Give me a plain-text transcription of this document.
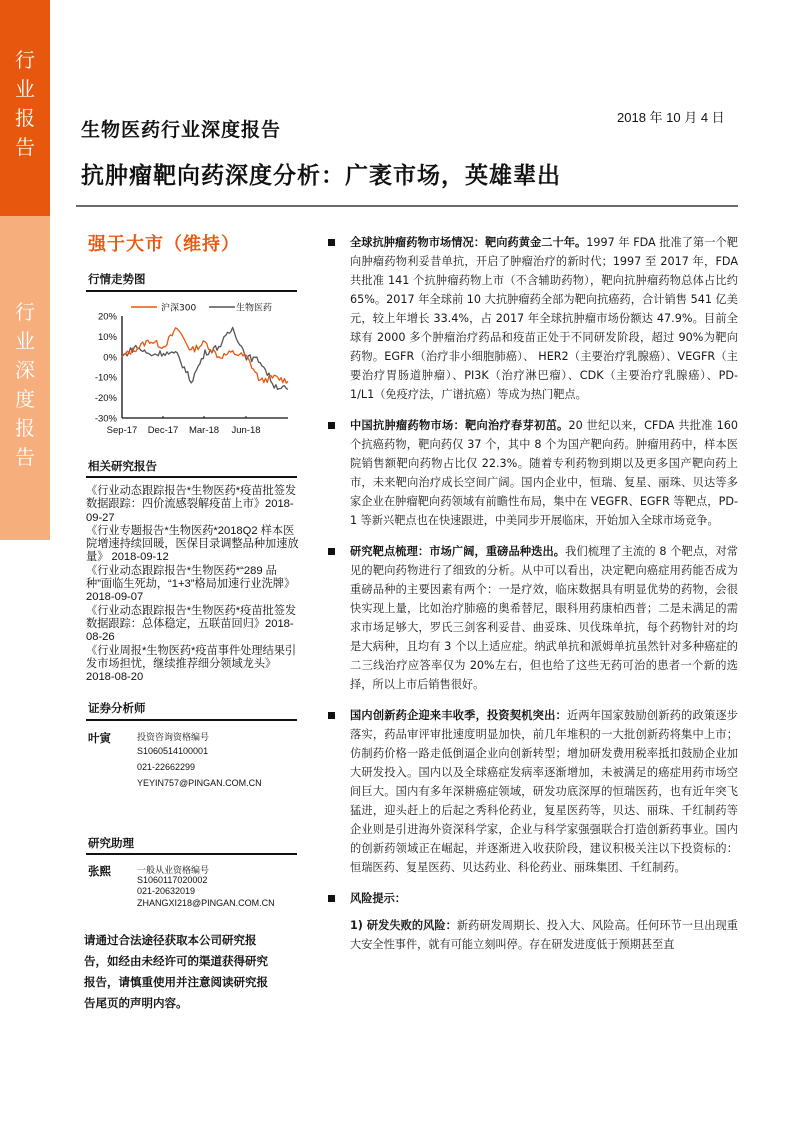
行
业
报
告
行
业
深
度
报
告
生物医药行业深度报告
2018 年 10 月 4 日
抗肿瘤靶向药深度分析：广袤市场，英雄辈出
强于大市（维持）
行情走势图
沪深300	生物医药
20%
10%
0%
-10%
-20%
-30%
Sep-17 Dec-17 Mar-18 Jun-18
相关研究报告
《行业动态跟踪报告*生物医药*疫苗批签发数据跟踪：四价流感裂解疫苗上市》2018-09-27
《行业专题报告*生物医药*2018Q2 样本医院增速持续回暖，医保目录调整品种加速放量》 2018-09-12
《行业动态跟踪报告*生物医药*“289 品种”面临生死劫，“1+3”格局加速行业洗牌》 2018-09-07
《行业动态跟踪报告*生物医药*疫苗批签发数据跟踪：总体稳定，五联苗回归》2018-08-26
《行业周报*生物医药*疫苗事件处理结果引发市场担忧，继续推荐细分领域龙头》 2018-08-20
证券分析师
叶寅	投资咨询资格编号
S1060514100001
021-22662299
YEYIN757@PINGAN.COM.CN
研究助理
张熙	一般从业资格编号
S1060117020002
021-20632019
ZHANGXI218@PINGAN.COM.CN
请通过合法途径获取本公司研究报告，如经由未经许可的渠道获得研究报告，请慎重使用并注意阅读研究报告尾页的声明内容。
全球抗肿瘤药物市场情况：靶向药黄金二十年。1997 年 FDA 批准了第一个靶向肿瘤药物利妥昔单抗，开启了肿瘤治疗的新时代；1997 至 2017 年，FDA 共批准 141 个抗肿瘤药物上市（不含辅助药物），靶向抗肿瘤药物总体占比约 65%。2017 年全球前 10 大抗肿瘤药全部为靶向抗癌药，合计销售 541 亿美元，较上年增长 33.4%，占 2017 年全球抗肿瘤市场份额达 47.9%。目前全球有 2000 多个肿瘤治疗药品和疫苗正处于不同研发阶段，超过 90%为靶向药物。EGFR（治疗非小细胞肺癌）、 HER2（主要治疗乳腺癌）、VEGFR（主要治疗胃肠道肿瘤）、PI3K（治疗淋巴瘤）、CDK（主要治疗乳腺癌）、PD-1/L1（免疫疗法，广谱抗癌）等成为热门靶点。
中国抗肿瘤药物市场：靶向治疗春芽初茁。20 世纪以来，CFDA 共批准 160 个抗癌药物，靶向药仅 37 个，其中 8 个为国产靶向药。肿瘤用药中，样本医院销售额靶向药物占比仅 22.3%。随着专利药物到期以及更多国产靶向药上市，未来靶向治疗成长空间广阔。国内企业中，恒瑞、复星、丽珠、贝达等多家企业在肿瘤靶向药领域有前瞻性布局，集中在 VEGFR、EGFR 等靶点，PD-1 等新兴靶点也在快速跟进，中美同步开展临床，开始加入全球市场竞争。
研究靶点梳理：市场广阔，重磅品种迭出。我们梳理了主流的 8 个靶点，对常见的靶向药物进行了细致的分析。从中可以看出，决定靶向癌症用药能否成为重磅品种的主要因素有两个：一是疗效，临床数据具有明显优势的药物，会很快实现上量，比如治疗肺癌的奥希替尼，眼科用药康柏西普；二是未满足的需求市场足够大，罗氏三剑客利妥昔、曲妥珠、贝伐珠单抗，每个药物针对的均是大病种，且均有 3 个以上适应症。纳武单抗和派姆单抗虽然针对多种癌症的二三线治疗应答率仅为 20%左右，但也给了这些无药可治的患者一个新的选择，所以上市后销售很好。
国内创新药企迎来丰收季，投资契机突出：近两年国家鼓励创新药的政策逐步落实，药品审评审批速度明显加快，前几年堆积的一大批创新药将集中上市；仿制药价格一路走低倒逼企业向创新转型；增加研发费用税率抵扣鼓励企业加大研发投入。国内以及全球癌症发病率逐渐增加，未被满足的癌症用药市场空间巨大。国内有多年深耕癌症领域，研发功底深厚的恒瑞医药，也有近年突飞猛进，迎头赶上的后起之秀科伦药业，复星医药等，贝达、丽珠、千红制药等企业则是引进海外资深科学家，企业与科学家强强联合打造创新药事业。国内的创新药领域正在崛起，并逐渐进入收获阶段，建议积极关注以下投资标的：恒瑞医药、复星医药、贝达药业、科伦药业、丽珠集团、千红制药。
风险提示：
1) 研发失败的风险：新药研发周期长、投入大、风险高。任何环节一旦出现重大安全性事件，就有可能立刻叫停。存在研发进度低于预期甚至直
